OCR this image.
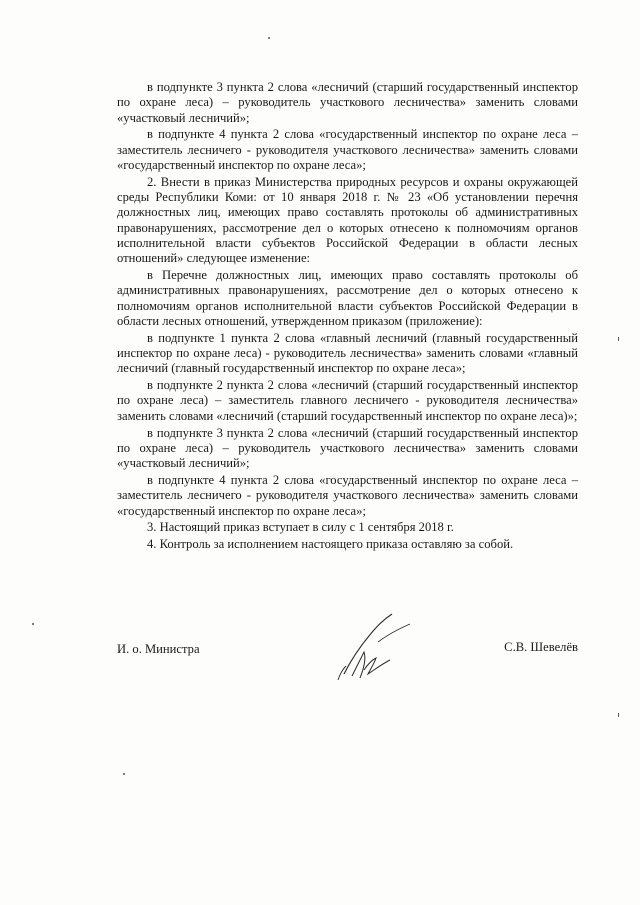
в подпункте 3 пункта 2 слова «лесничий (старший государственный инспектор по охране леса) – руководитель участкового лесничества» заменить словами «участковый лесничий»;

в подпункте 4 пункта 2 слова «государственный инспектор по охране леса – заместитель лесничего - руководителя участкового лесничества» заменить словами «государственный инспектор по охране леса»;

2. Внести в приказ Министерства природных ресурсов и охраны окружающей среды Республики Коми: от 10 января 2018 г. № 23 «Об установлении перечня должностных лиц, имеющих право составлять протоколы об административных правонарушениях, рассмотрение дел о которых отнесено к полномочиям органов исполнительной власти субъектов Российской Федерации в области лесных отношений» следующее изменение:

в Перечне должностных лиц, имеющих право составлять протоколы об административных правонарушениях, рассмотрение дел о которых отнесено к полномочиям органов исполнительной власти субъектов Российской Федерации в области лесных отношений, утвержденном приказом (приложение):

в подпункте 1 пункта 2 слова «главный лесничий (главный государственный инспектор по охране леса) - руководитель лесничества» заменить словами «главный лесничий (главный государственный инспектор по охране леса»;

в подпункте 2 пункта 2 слова «лесничий (старший государственный инспектор по охране леса) – заместитель главного лесничего - руководителя лесничества» заменить словами «лесничий (старший государственный инспектор по охране леса)»;

в подпункте 3 пункта 2 слова «лесничий (старший государственный инспектор по охране леса) – руководитель участкового лесничества» заменить словами «участковый лесничий»;

в подпункте 4 пункта 2 слова «государственный инспектор по охране леса – заместитель лесничего - руководителя участкового лесничества» заменить словами «государственный инспектор по охране леса»;

3. Настоящий приказ вступает в силу с 1 сентября 2018 г.

4. Контроль за исполнением настоящего приказа оставляю за собой.

И. о. Министра	С.В. Шевелёв
